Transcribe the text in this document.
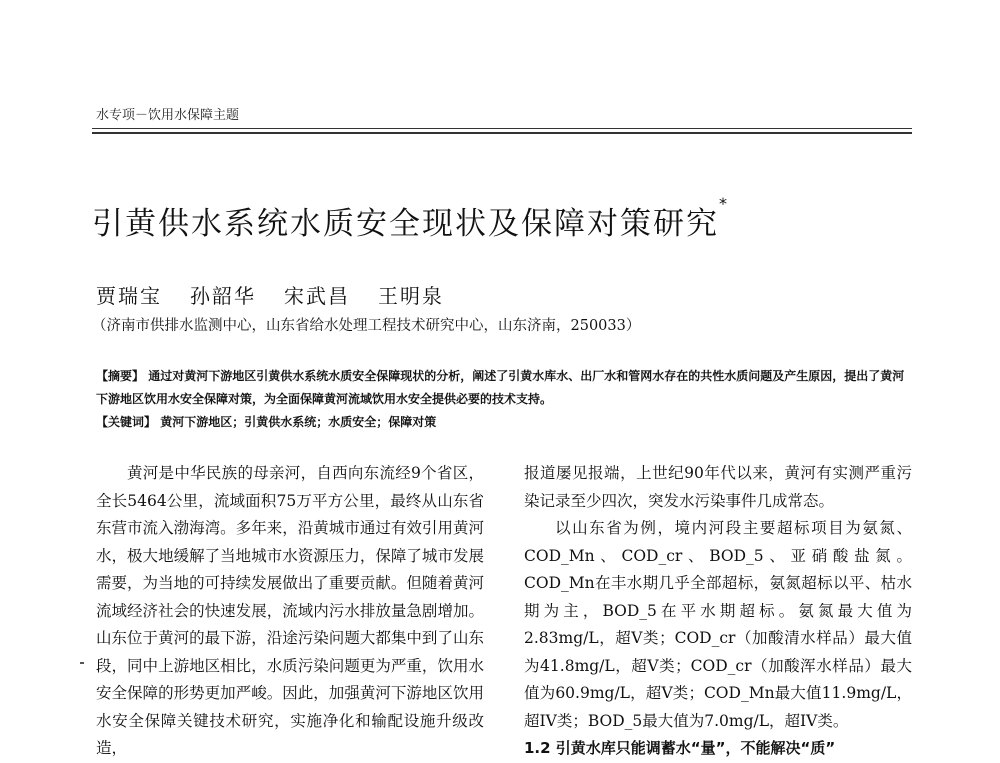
水专项－饮用水保障主题
引黄供水系统水质安全现状及保障对策研究*
贾瑞宝 孙韶华 宋武昌 王明泉
（济南市供排水监测中心，山东省给水处理工程技术研究中心，山东济南，250033）
【摘要】 通过对黄河下游地区引黄供水系统水质安全保障现状的分析，阐述了引黄水库水、出厂水和管网水存在的共性水质问题及产生原因，提出了黄河下游地区饮用水安全保障对策，为全面保障黄河流域饮用水安全提供必要的技术支持。
【关键词】 黄河下游地区；引黄供水系统；水质安全；保障对策

黄河是中华民族的母亲河，自西向东流经9个省区，全长5464公里，流域面积75万平方公里，最终从山东省东营市流入渤海湾。多年来，沿黄城市通过有效引用黄河水，极大地缓解了当地城市水资源压力，保障了城市发展需要，为当地的可持续发展做出了重要贡献。但随着黄河流域经济社会的快速发展，流域内污水排放量急剧增加。山东位于黄河的最下游，沿途污染问题大都集中到了山东段，同中上游地区相比，水质污染问题更为严重，饮用水安全保障的形势更加严峻。因此，加强黄河下游地区饮用水安全保障关键技术研究，实施净化和输配设施升级改造，

报道屡见报端，上世纪90年代以来，黄河有实测严重污染记录至少四次，突发水污染事件几成常态。

以山东省为例，境内河段主要超标项目为氨氮、COD_Mn、COD_cr、BOD_5、亚硝酸盐氮。COD_Mn在丰水期几乎全部超标，氨氮超标以平、枯水期为主，BOD_5在平水期超标。氨氮最大值为2.83mg/L，超V类；COD_cr（加酸清水样品）最大值为41.8mg/L，超V类；COD_cr（加酸浑水样品）最大值为60.9mg/L，超V类；COD_Mn最大值11.9mg/L，超IV类；BOD_5最大值为7.0mg/L，超IV类。

1.2 引黄水库只能调蓄水“量”，不能解决“质”
